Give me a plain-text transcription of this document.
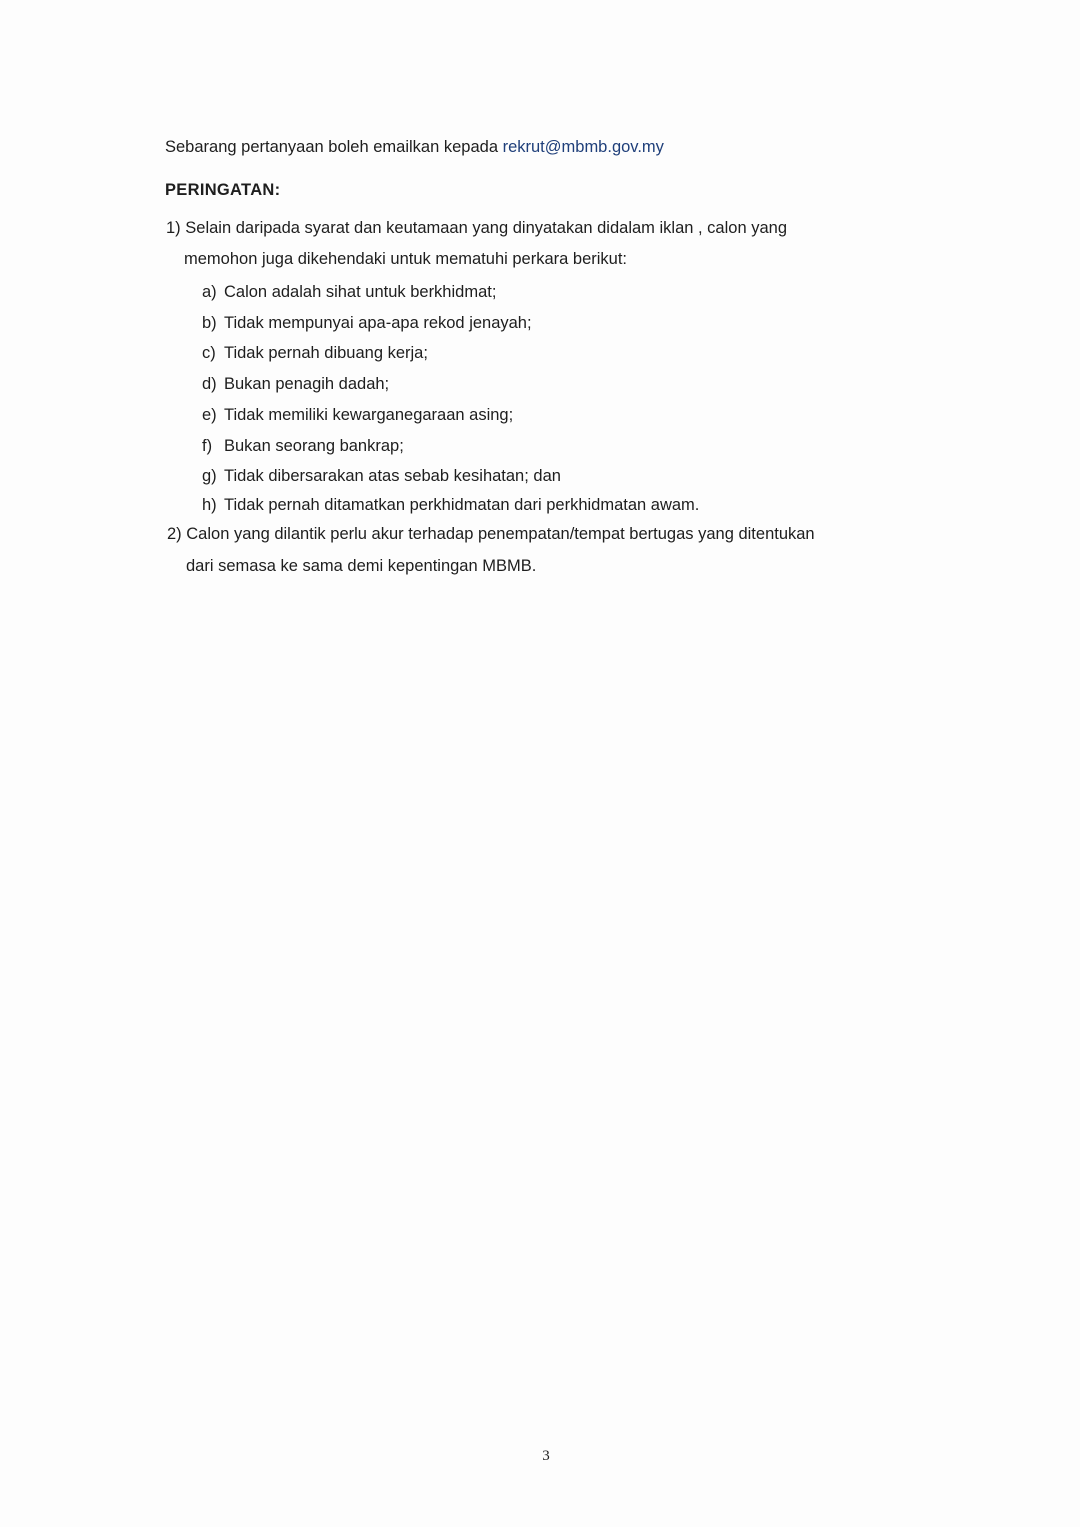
Sebarang pertanyaan boleh emailkan kepada rekrut@mbmb.gov.my
PERINGATAN:
1) Selain daripada syarat dan keutamaan yang dinyatakan didalam iklan , calon yang
memohon juga dikehendaki untuk mematuhi perkara berikut:
a) Calon adalah sihat untuk berkhidmat;
b) Tidak mempunyai apa-apa rekod jenayah;
c) Tidak pernah dibuang kerja;
d) Bukan penagih dadah;
e) Tidak memiliki kewarganegaraan asing;
f) Bukan seorang bankrap;
g) Tidak dibersarakan atas sebab kesihatan; dan
h) Tidak pernah ditamatkan perkhidmatan dari perkhidmatan awam.
2) Calon yang dilantik perlu akur terhadap penempatan/tempat bertugas yang ditentukan
dari semasa ke sama demi kepentingan MBMB.
3
